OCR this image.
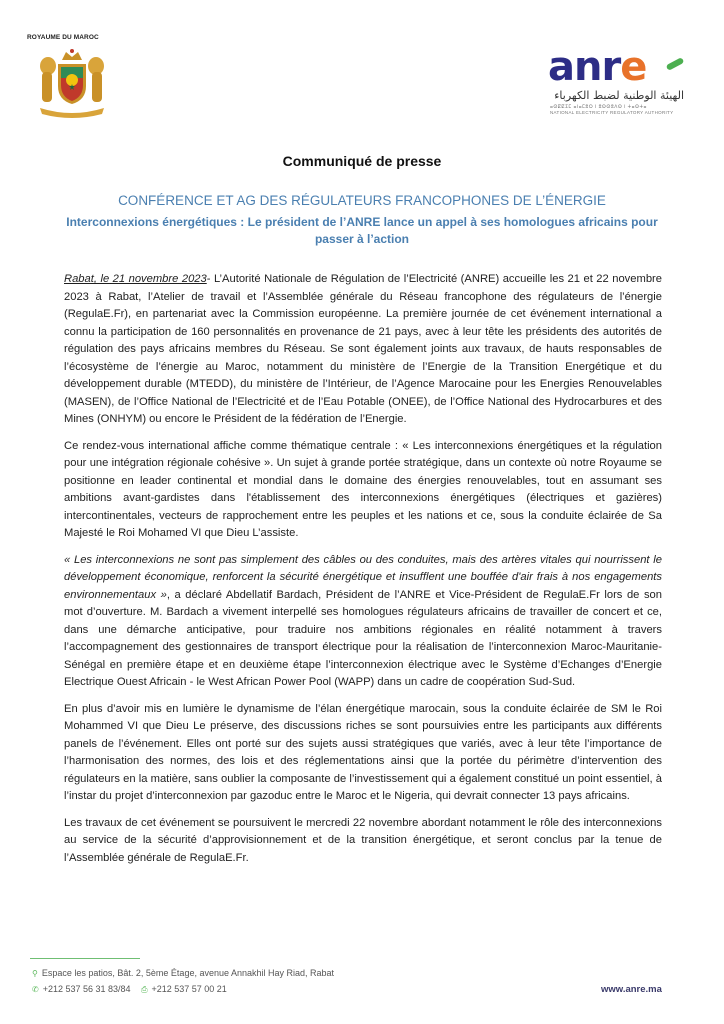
ROYAUME DU MAROC
anre
الهيئة الوطنية لضبط الكهرباء
ⴰⵙⵇⵇⵉⵎ ⴰⵏⴰⵎⵓⵔ ⵏ ⵓⵙⵙⵓⴷⵙ ⵏ ⵜⴰⵙⵜⴰ
NATIONAL ELECTRICITY REGULATORY AUTHORITY
Communiqué de presse
CONFÉRENCE ET AG DES RÉGULATEURS FRANCOPHONES DE L’ÉNERGIE
Interconnexions énergétiques : Le président de l’ANRE lance un appel à ses homologues africains pour passer à l’action

Rabat, le 21 novembre 2023- L’Autorité Nationale de Régulation de l’Electricité (ANRE) accueille les 21 et 22 novembre 2023 à Rabat, l’Atelier de travail et l’Assemblée générale du Réseau francophone des régulateurs de l’énergie (RegulaE.Fr), en partenariat avec la Commission européenne. La première journée de cet événement international a connu la participation de 160 personnalités en provenance de 21 pays, avec à leur tête les présidents des autorités de régulation des pays africains membres du Réseau. Se sont également joints aux travaux, de hauts responsables de l’écosystème de l’énergie au Maroc, notamment du ministère de l’Energie de la Transition Energétique et du développement durable (MTEDD), du ministère de l’Intérieur, de l’Agence Marocaine pour les Energies Renouvelables (MASEN), de l’Office National de l’Electricité et de l’Eau Potable (ONEE), de l’Office National des Hydrocarbures et des Mines (ONHYM) ou encore le Président de la fédération de l’Energie.

Ce rendez-vous international affiche comme thématique centrale : « Les interconnexions énergétiques et la régulation pour une intégration régionale cohésive ». Un sujet à grande portée stratégique, dans un contexte où notre Royaume se positionne en leader continental et mondial dans le domaine des énergies renouvelables, tout en assumant ses ambitions avant-gardistes dans l'établissement des interconnexions énergétiques (électriques et gazières) intercontinentales, vecteurs de rapprochement entre les peuples et les nations et ce, sous la conduite éclairée de Sa Majesté le Roi Mohamed VI que Dieu L’assiste.

« Les interconnexions ne sont pas simplement des câbles ou des conduites, mais des artères vitales qui nourrissent le développement économique, renforcent la sécurité énergétique et insufflent une bouffée d'air frais à nos engagements environnementaux », a déclaré Abdellatif Bardach, Président de l’ANRE et Vice-Président de RegulaE.Fr lors de son mot d’ouverture. M. Bardach a vivement interpellé ses homologues régulateurs africains de travailler de concert et ce, dans une démarche anticipative, pour traduire nos ambitions régionales en réalité notamment à travers l’accompagnement des gestionnaires de transport électrique pour la réalisation de l’interconnexion Maroc-Mauritanie-Sénégal en première étape et en deuxième étape l’interconnexion électrique avec le Système d’Echanges d’Energie Electrique Ouest Africain - le West African Power Pool (WAPP) dans un cadre de coopération Sud-Sud.

En plus d’avoir mis en lumière le dynamisme de l’élan énergétique marocain, sous la conduite éclairée de SM le Roi Mohammed VI que Dieu Le préserve, des discussions riches se sont poursuivies entre les participants aux différents panels de l’événement. Elles ont porté sur des sujets aussi stratégiques que variés, avec à leur tête l’importance de l’harmonisation des normes, des lois et des réglementations ainsi que la portée du périmètre d’intervention des régulateurs en la matière, sans oublier la composante de l’investissement qui a également constitué un point essentiel, à l’instar du projet d’interconnexion par gazoduc entre le Maroc et le Nigeria, qui devrait connecter 13 pays africains.

Les travaux de cet événement se poursuivent le mercredi 22 novembre abordant notamment le rôle des interconnexions au service de la sécurité d’approvisionnement et de la transition énergétique, et seront conclus par la tenue de l’Assemblée générale de RegulaE.Fr.

⚲ Espace les patios, Bât. 2, 5ème Étage, avenue Annakhil Hay Riad, Rabat
✆ +212 537 56 31 83/84 ⎙ +212 537 57 00 21	www.anre.ma
